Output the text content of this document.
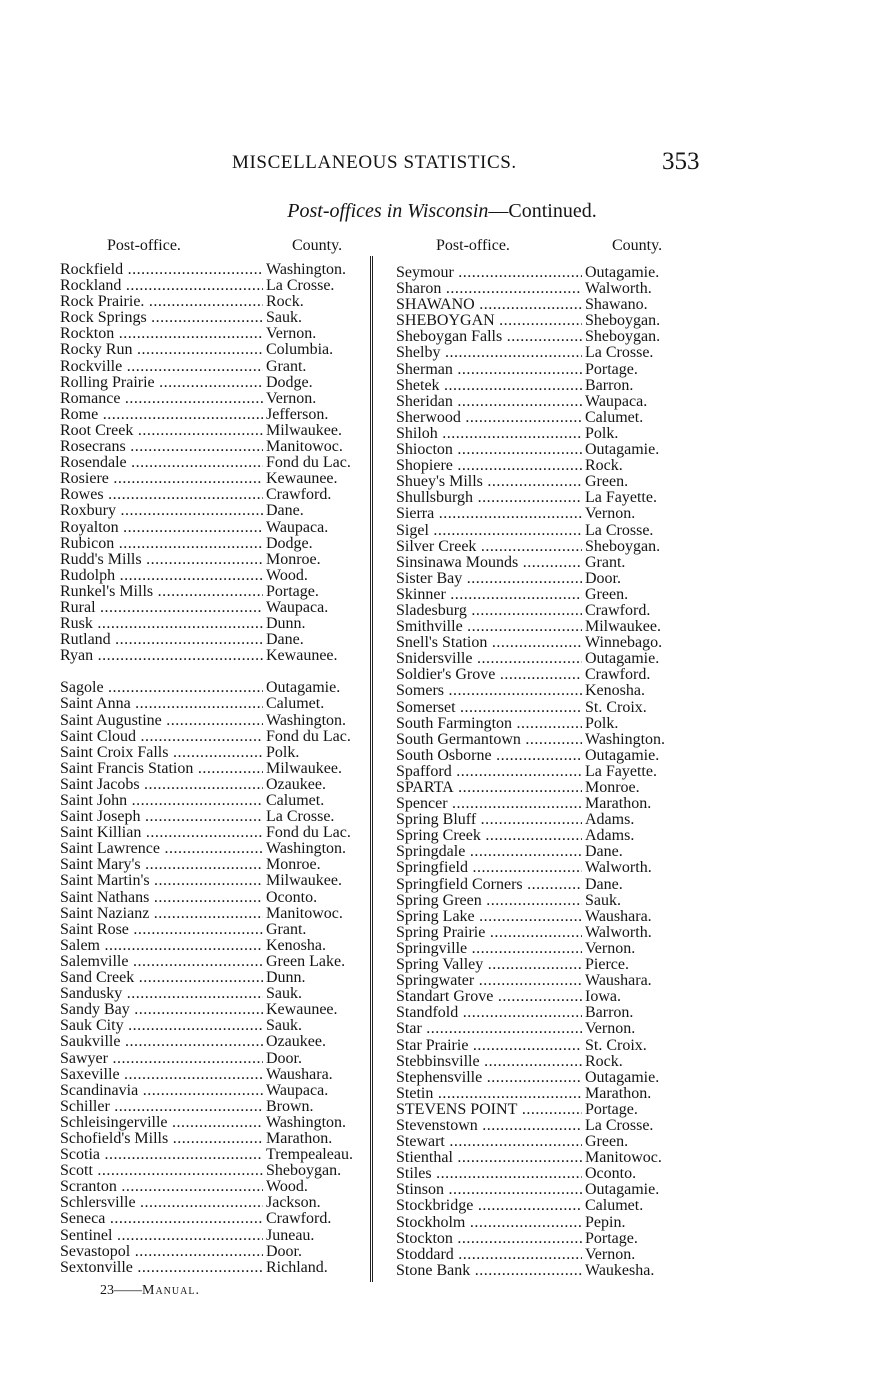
MISCELLANEOUS STATISTICS.	353
Post-offices in Wisconsin—Continued.
Post-office.	County.	Post-office.	County.
Rockfield .....	Washington.
Rockland .....	La Crosse.
Rock Prairie. .....	Rock.
Rock Springs .....	Sauk.
Rockton .....	Vernon.
Rocky Run .....	Columbia.
Rockville .....	Grant.
Rolling Prairie .....	Dodge.
Romance .....	Vernon.
Rome .....	Jefferson.
Root Creek .....	Milwaukee.
Rosecrans .....	Manitowoc.
Rosendale .....	Fond du Lac.
Rosiere .....	Kewaunee.
Rowes .....	Crawford.
Roxbury .....	Dane.
Royalton .....	Waupaca.
Rubicon .....	Dodge.
Rudd's Mills .....	Monroe.
Rudolph .....	Wood.
Runkel's Mills .....	Portage.
Rural .....	Waupaca.
Rusk .....	Dunn.
Rutland .....	Dane.
Ryan .....	Kewaunee.
Sagole .....	Outagamie.
Saint Anna .....	Calumet.
Saint Augustine .....	Washington.
Saint Cloud .....	Fond du Lac.
Saint Croix Falls .....	Polk.
Saint Francis Station .....	Milwaukee.
Saint Jacobs .....	Ozaukee.
Saint John .....	Calumet.
Saint Joseph .....	La Crosse.
Saint Killian .....	Fond du Lac.
Saint Lawrence .....	Washington.
Saint Mary's .....	Monroe.
Saint Martin's .....	Milwaukee.
Saint Nathans .....	Oconto.
Saint Nazianz .....	Manitowoc.
Saint Rose .....	Grant.
Salem .....	Kenosha.
Salemville .....	Green Lake.
Sand Creek .....	Dunn.
Sandusky .....	Sauk.
Sandy Bay .....	Kewaunee.
Sauk City .....	Sauk.
Saukville .....	Ozaukee.
Sawyer .....	Door.
Saxeville .....	Waushara.
Scandinavia .....	Waupaca.
Schiller .....	Brown.
Schleisingerville .....	Washington.
Schofield's Mills .....	Marathon.
Scotia .....	Trempealeau.
Scott .....	Sheboygan.
Scranton .....	Wood.
Schlersville .....	Jackson.
Seneca .....	Crawford.
Sentinel .....	Juneau.
Sevastopol .....	Door.
Sextonville .....	Richland.
Seymour .....	Outagamie.
Sharon .....	Walworth.
SHAWANO .....	Shawano.
SHEBOYGAN .....	Sheboygan.
Sheboygan Falls .....	Sheboygan.
Shelby .....	La Crosse.
Sherman .....	Portage.
Shetek .....	Barron.
Sheridan .....	Waupaca.
Sherwood .....	Calumet.
Shiloh .....	Polk.
Shiocton .....	Outagamie.
Shopiere .....	Rock.
Shuey's Mills .....	Green.
Shullsburgh .....	La Fayette.
Sierra .....	Vernon.
Sigel .....	La Crosse.
Silver Creek .....	Sheboygan.
Sinsinawa Mounds .....	Grant.
Sister Bay .....	Door.
Skinner .....	Green.
Sladesburg .....	Crawford.
Smithville .....	Milwaukee.
Snell's Station .....	Winnebago.
Snidersville .....	Outagamie.
Soldier's Grove .....	Crawford.
Somers .....	Kenosha.
Somerset .....	St. Croix.
South Farmington .....	Polk.
South Germantown .....	Washington.
South Osborne .....	Outagamie.
Spafford .....	La Fayette.
SPARTA .....	Monroe.
Spencer .....	Marathon.
Spring Bluff .....	Adams.
Spring Creek .....	Adams.
Springdale .....	Dane.
Springfield .....	Walworth.
Springfield Corners .....	Dane.
Spring Green .....	Sauk.
Spring Lake .....	Waushara.
Spring Prairie .....	Walworth.
Springville .....	Vernon.
Spring Valley .....	Pierce.
Springwater .....	Waushara.
Standart Grove .....	Iowa.
Standfold .....	Barron.
Star .....	Vernon.
Star Prairie .....	St. Croix.
Stebbinsville .....	Rock.
Stephensville .....	Outagamie.
Stetin .....	Marathon.
STEVENS POINT .....	Portage.
Stevenstown .....	La Crosse.
Stewart .....	Green.
Stienthal .....	Manitowoc.
Stiles .....	Oconto.
Stinson .....	Outagamie.
Stockbridge .....	Calumet.
Stockholm .....	Pepin.
Stockton .....	Portage.
Stoddard .....	Vernon.
Stone Bank .....	Waukesha.
23——Manual.
